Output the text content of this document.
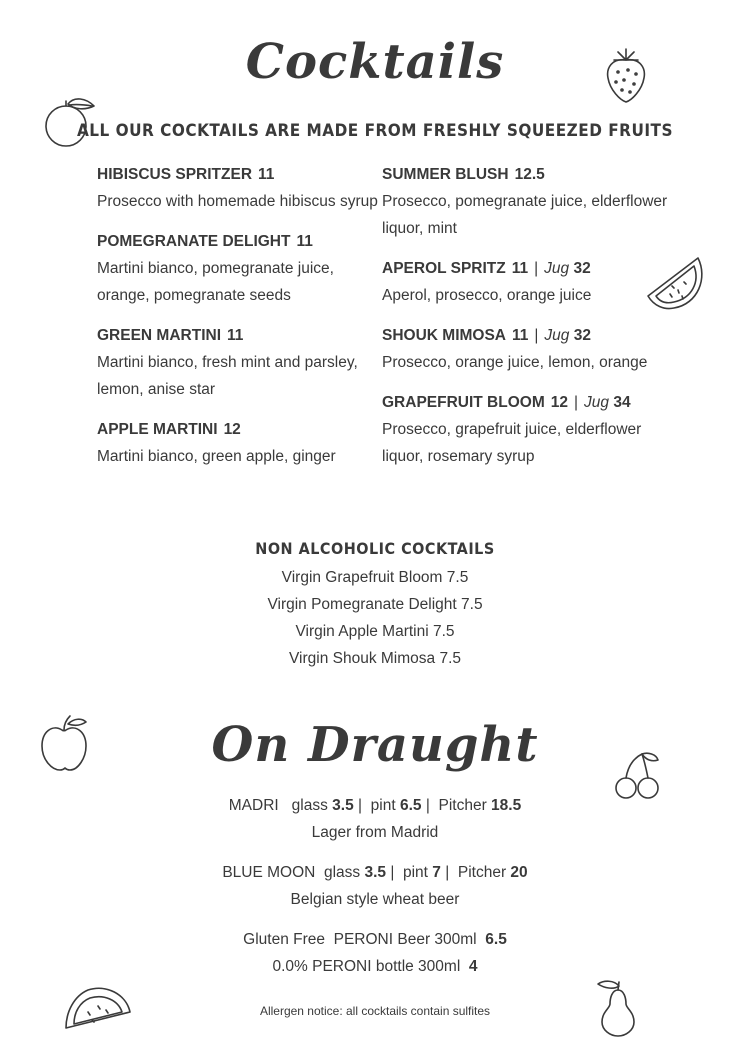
Cocktails
ALL OUR COCKTAILS ARE MADE FROM FRESHLY SQUEEZED FRUITS
HIBISCUS SPRITZER 11
Prosecco with homemade hibiscus syrup
POMEGRANATE DELIGHT 11
Martini bianco, pomegranate juice, orange, pomegranate seeds
GREEN MARTINI 11
Martini bianco, fresh mint and parsley, lemon, anise star
APPLE MARTINI 12
Martini bianco, green apple, ginger
SUMMER BLUSH 12.5
Prosecco, pomegranate juice, elderflower liquor, mint
APEROL SPRITZ 11 | Jug 32
Aperol, prosecco, orange juice
SHOUK MIMOSA 11 | Jug 32
Prosecco, orange juice, lemon, orange
GRAPEFRUIT BLOOM 12 | Jug 34
Prosecco, grapefruit juice, elderflower liquor, rosemary syrup
NON ALCOHOLIC COCKTAILS
Virgin Grapefruit Bloom 7.5
Virgin Pomegranate Delight 7.5
Virgin Apple Martini 7.5
Virgin Shouk Mimosa 7.5
On Draught
MADRI glass 3.5 |  pint 6.5 |  Pitcher 18.5
Lager from Madrid
BLUE MOON glass 3.5 |  pint 7 |  Pitcher 20
Belgian style wheat beer
Gluten Free  PERONI Beer 300ml 6.5
0.0% PERONI bottle 300ml 4
Allergen notice: all cocktails contain sulfites
